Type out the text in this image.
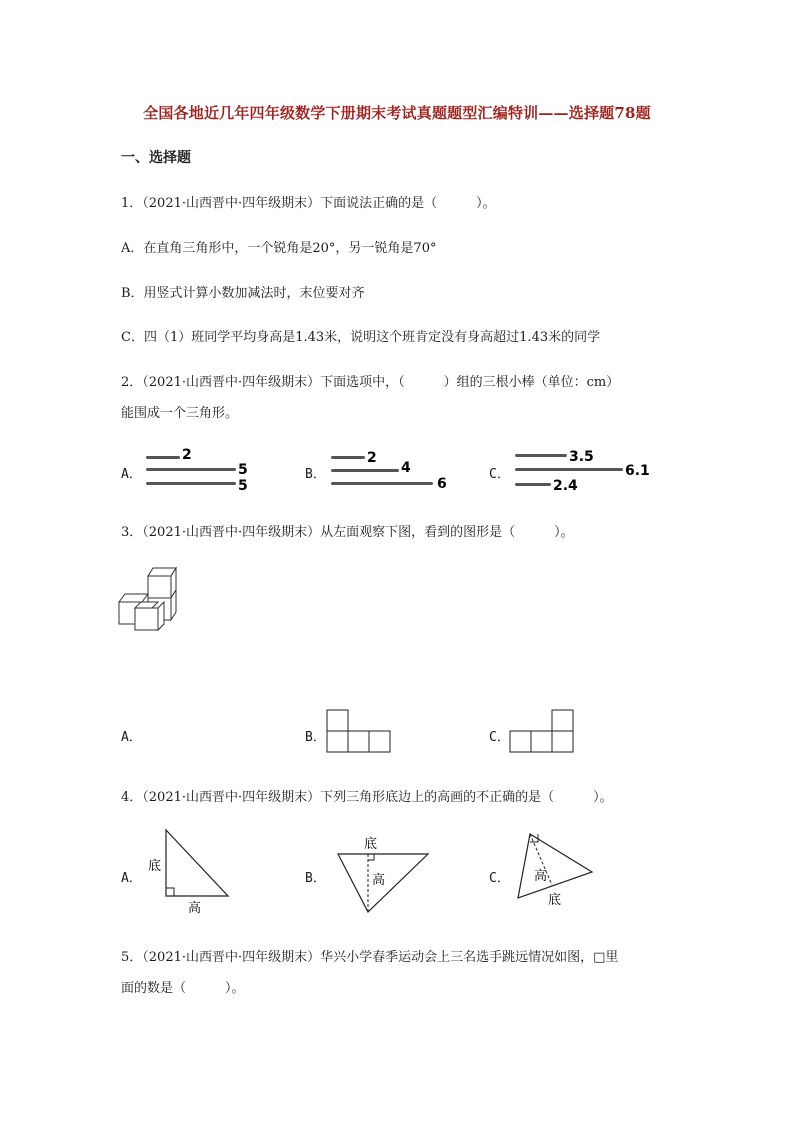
全国各地近几年四年级数学下册期末考试真题题型汇编特训——选择题78题
一、选择题
1．（2021·山西晋中·四年级期末）下面说法正确的是（　　　）。
A．在直角三角形中，一个锐角是20°，另一锐角是70°
B．用竖式计算小数加减法时，末位要对齐
C．四（1）班同学平均身高是1.43米，说明这个班肯定没有身高超过1.43米的同学
2．（2021·山西晋中·四年级期末）下面选项中，（　　　）组的三根小棒（单位：cm）
能围成一个三角形。
A．
2
5
5
B．
2
4
6
C．
3.5
6.1
2.4
3．（2021·山西晋中·四年级期末）从左面观察下图，看到的图形是（　　　）。
A．	B．	C．
4．（2021·山西晋中·四年级期末）下列三角形底边上的高画的不正确的是（　　　）。
A．
底
高
B．
底
高	C． 高
底
5．（2021·山西晋中·四年级期末）华兴小学春季运动会上三名选手跳远情况如图，□里
面的数是（　　　）。
